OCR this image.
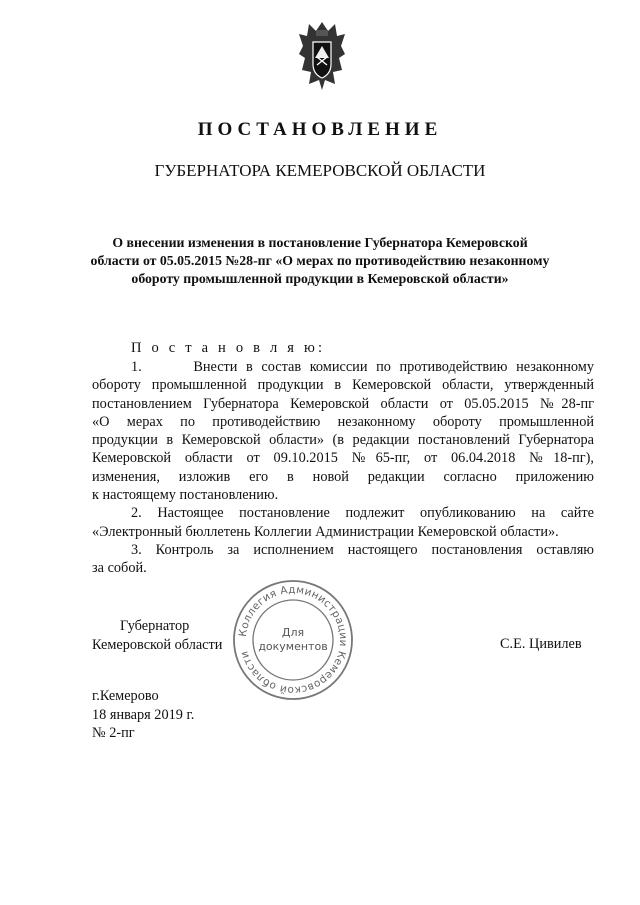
ПОСТАНОВЛЕНИЕ
ГУБЕРНАТОРА КЕМЕРОВСКОЙ ОБЛАСТИ
О внесении изменения в постановление Губернатора Кемеровской
области от 05.05.2015 №28-пг «О мерах по противодействию незаконному
обороту промышленной продукции в Кемеровской области»
П о с т а н о в л я ю:
1.	Внести в состав комиссии по противодействию незаконному
обороту промышленной продукции в Кемеровской области, утвержденный
постановлением Губернатора Кемеровской области от 05.05.2015 №28-пг
«О мерах по противодействию незаконному обороту промышленной
продукции в Кемеровской области» (в редакции постановлений Губернатора
Кемеровской области от 09.10.2015 №65-пг, от 06.04.2018 №18-пг),
изменения, изложив его в новой редакции согласно приложению
к настоящему постановлению.
2. Настоящее постановление подлежит опубликованию на сайте
«Электронный бюллетень Коллегии Администрации Кемеровской области».
3. Контроль за исполнением настоящего постановления оставляю
за собой.
Губернатор
Кемеровской области
Коллегия Администрации Кемеровской области
Для
документов	С.Е. Цивилев
г.Кемерово
18 января 2019 г.
№ 2-пг
